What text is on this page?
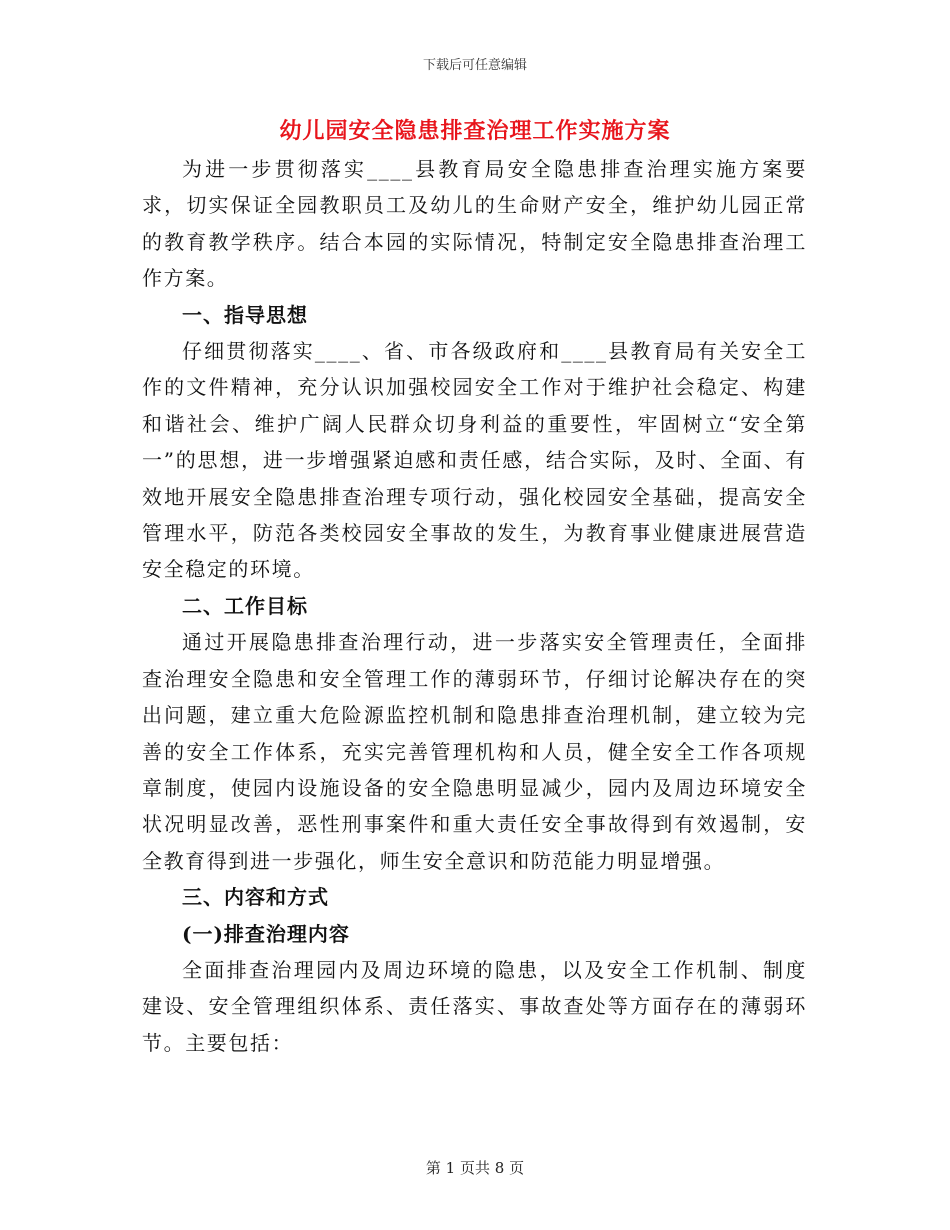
下载后可任意编辑
幼儿园安全隐患排查治理工作实施方案

为进一步贯彻落实____县教育局安全隐患排查治理实施方案要求，切实保证全园教职员工及幼儿的生命财产安全，维护幼儿园正常的教育教学秩序。结合本园的实际情况，特制定安全隐患排查治理工作方案。

一、指导思想

仔细贯彻落实____、省、市各级政府和____县教育局有关安全工作的文件精神，充分认识加强校园安全工作对于维护社会稳定、构建和谐社会、维护广阔人民群众切身利益的重要性，牢固树立“安全第一”的思想，进一步增强紧迫感和责任感，结合实际，及时、全面、有效地开展安全隐患排查治理专项行动，强化校园安全基础，提高安全管理水平，防范各类校园安全事故的发生，为教育事业健康进展营造安全稳定的环境。

二、工作目标

通过开展隐患排查治理行动，进一步落实安全管理责任，全面排查治理安全隐患和安全管理工作的薄弱环节，仔细讨论解决存在的突出问题，建立重大危险源监控机制和隐患排查治理机制，建立较为完善的安全工作体系，充实完善管理机构和人员，健全安全工作各项规章制度，使园内设施设备的安全隐患明显减少，园内及周边环境安全状况明显改善，恶性刑事案件和重大责任安全事故得到有效遏制，安全教育得到进一步强化，师生安全意识和防范能力明显增强。

三、内容和方式

(一)排查治理内容

全面排查治理园内及周边环境的隐患，以及安全工作机制、制度建设、安全管理组织体系、责任落实、事故查处等方面存在的薄弱环节。主要包括：

第 1 页共 8 页
